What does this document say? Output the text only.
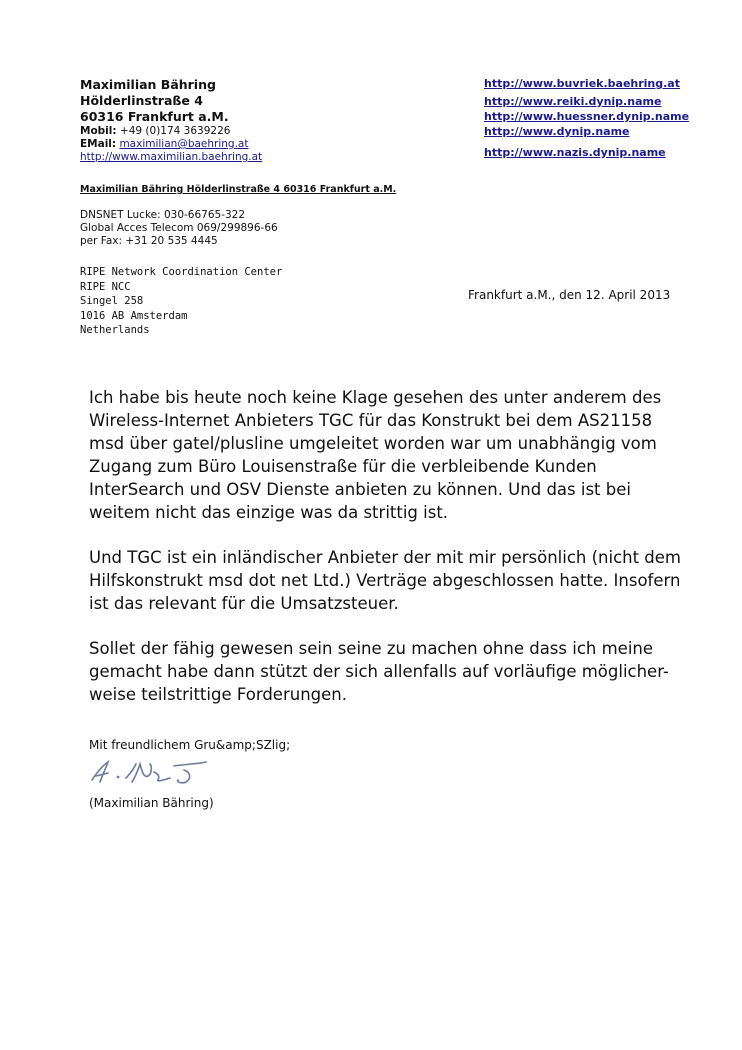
Maximilian Bähring
Hölderlinstraße 4
60316 Frankfurt a.M.
Mobil: +49 (0)174 3639226
EMail: maximilian@baehring.at
http://www.maximilian.baehring.at
http://www.buvriek.baehring.at
http://www.reiki.dynip.name
http://www.huessner.dynip.name
http://www.dynip.name
http://www.nazis.dynip.name
Maximilian Bähring Hölderlinstraße 4 60316 Frankfurt a.M.
DNSNET Lucke: 030-66765-322
Global Acces Telecom 069/299896-66
per Fax: +31 20 535 4445
RIPE Network Coordination Center
RIPE NCC
Singel 258
1016 AB Amsterdam
Netherlands
Frankfurt a.M., den 12. April 2013

Ich habe bis heute noch keine Klage gesehen des unter anderem des Wireless-Internet Anbieters TGC für das Konstrukt bei dem AS21158 msd über gatel/plusline umgeleitet worden war um unabhängig vom Zugang zum Büro Louisenstraße für die verbleibende Kunden InterSearch und OSV Dienste anbieten zu können. Und das ist bei weitem nicht das einzige was da strittig ist.

Und TGC ist ein inländischer Anbieter der mit mir persönlich (nicht dem Hilfskonstrukt msd dot net Ltd.) Verträge abgeschlossen hatte. Insofern ist das relevant für die Umsatzsteuer.

Sollet der fähig gewesen sein seine zu machen ohne dass ich meine gemacht habe dann stützt der sich allenfalls auf vorläufige möglicher-weise teilstrittige Forderungen.

Mit freundlichem Gru&amp;SZlig;
(Maximilian Bähring)
